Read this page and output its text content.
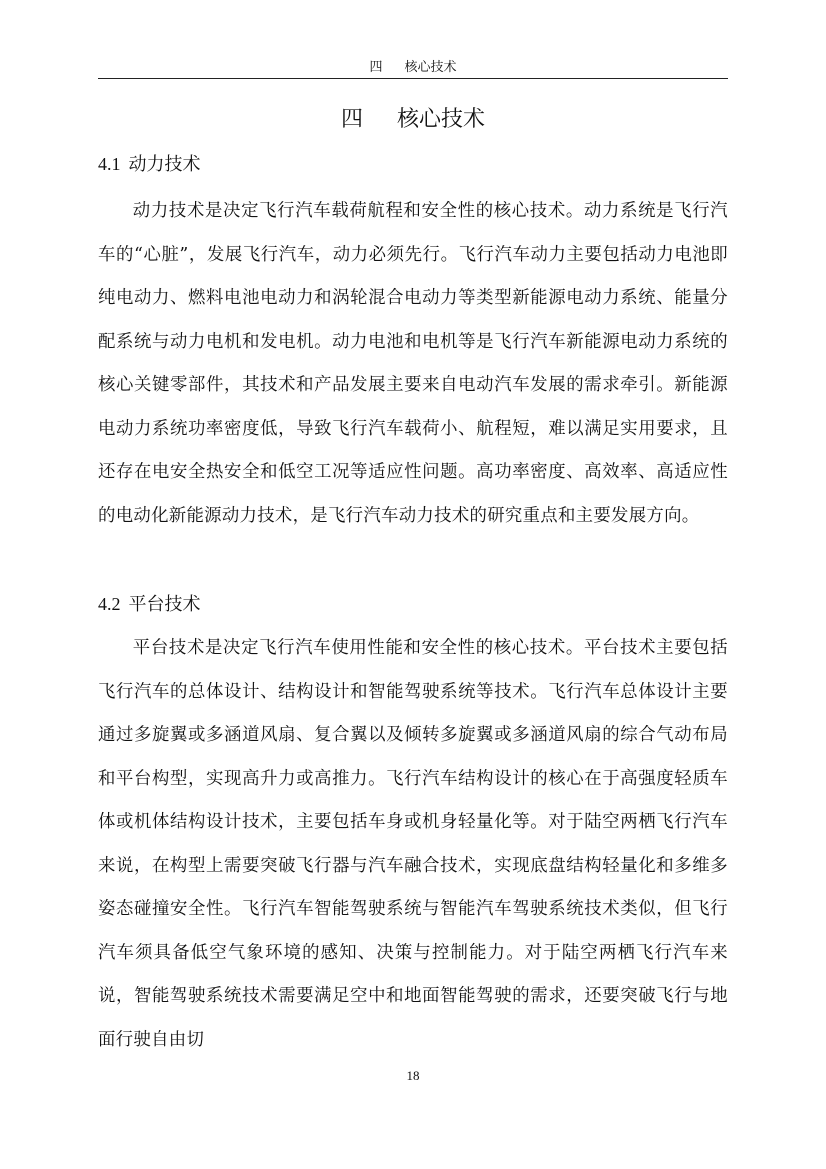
四 核心技术
四 核心技术
4.1 动力技术

动力技术是决定飞行汽车载荷航程和安全性的核心技术。动力系统是飞行汽车的“心脏”，发展飞行汽车，动力必须先行。飞行汽车动力主要包括动力电池即纯电动力、燃料电池电动力和涡轮混合电动力等类型新能源电动力系统、能量分配系统与动力电机和发电机。动力电池和电机等是飞行汽车新能源电动力系统的核心关键零部件，其技术和产品发展主要来自电动汽车发展的需求牵引。新能源电动力系统功率密度低，导致飞行汽车载荷小、航程短，难以满足实用要求，且还存在电安全热安全和低空工况等适应性问题。高功率密度、高效率、高适应性的电动化新能源动力技术，是飞行汽车动力技术的研究重点和主要发展方向。

4.2 平台技术

平台技术是决定飞行汽车使用性能和安全性的核心技术。平台技术主要包括飞行汽车的总体设计、结构设计和智能驾驶系统等技术。飞行汽车总体设计主要通过多旋翼或多涵道风扇、复合翼以及倾转多旋翼或多涵道风扇的综合气动布局和平台构型，实现高升力或高推力。飞行汽车结构设计的核心在于高强度轻质车体或机体结构设计技术，主要包括车身或机身轻量化等。对于陆空两栖飞行汽车来说，在构型上需要突破飞行器与汽车融合技术，实现底盘结构轻量化和多维多姿态碰撞安全性。飞行汽车智能驾驶系统与智能汽车驾驶系统技术类似，但飞行汽车须具备低空气象环境的感知、决策与控制能力。对于陆空两栖飞行汽车来说，智能驾驶系统技术需要满足空中和地面智能驾驶的需求，还要突破飞行与地面行驶自由切

18
